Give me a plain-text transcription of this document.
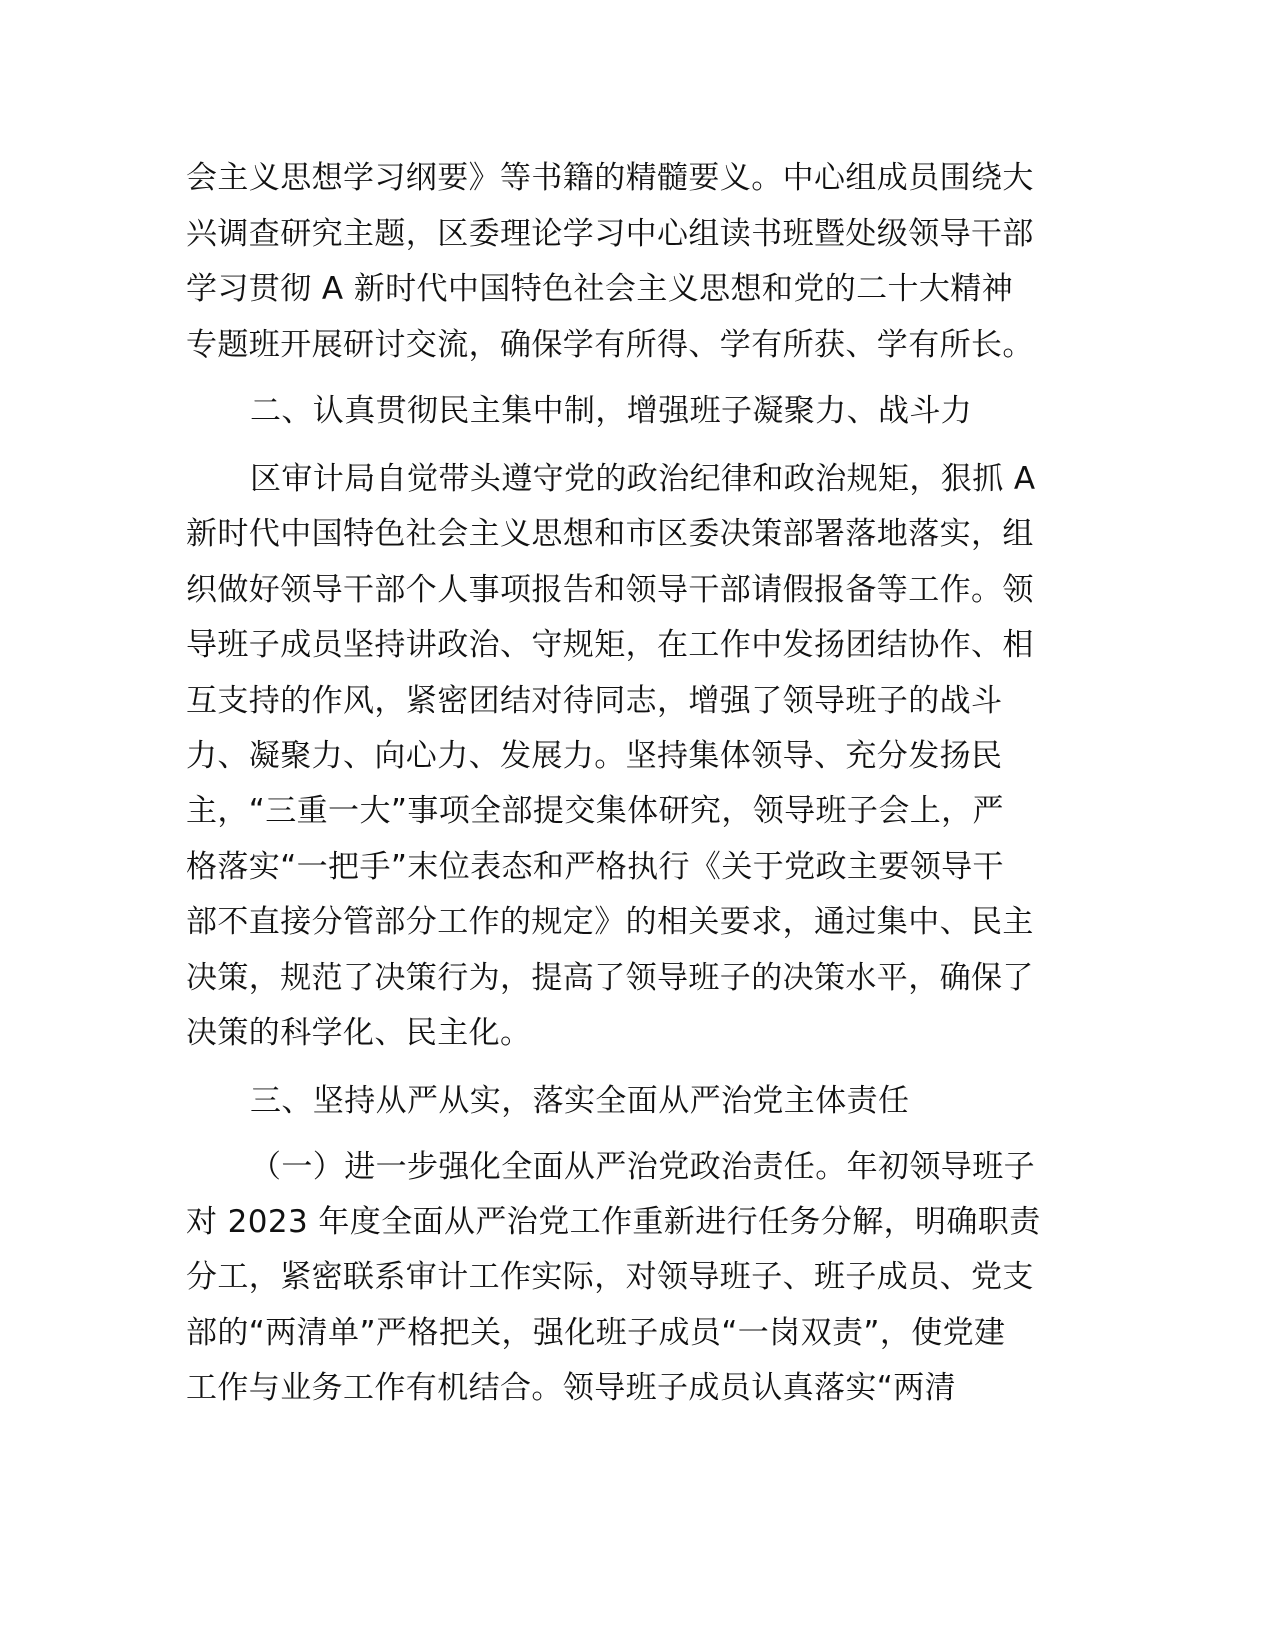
会主义思想学习纲要》等书籍的精髓要义。中心组成员围绕大
兴调查研究主题，区委理论学习中心组读书班暨处级领导干部
学习贯彻 A 新时代中国特色社会主义思想和党的二十大精神
专题班开展研讨交流，确保学有所得、学有所获、学有所长。
二、认真贯彻民主集中制，增强班子凝聚力、战斗力
区审计局自觉带头遵守党的政治纪律和政治规矩，狠抓 A
新时代中国特色社会主义思想和市区委决策部署落地落实，组
织做好领导干部个人事项报告和领导干部请假报备等工作。领
导班子成员坚持讲政治、守规矩，在工作中发扬团结协作、相
互支持的作风，紧密团结对待同志，增强了领导班子的战斗
力、凝聚力、向心力、发展力。坚持集体领导、充分发扬民
主，“三重一大”事项全部提交集体研究，领导班子会上，严
格落实“一把手”末位表态和严格执行《关于党政主要领导干
部不直接分管部分工作的规定》的相关要求，通过集中、民主
决策，规范了决策行为，提高了领导班子的决策水平，确保了
决策的科学化、民主化。
三、坚持从严从实，落实全面从严治党主体责任
（一）进一步强化全面从严治党政治责任。年初领导班子
对 2023 年度全面从严治党工作重新进行任务分解，明确职责
分工，紧密联系审计工作实际，对领导班子、班子成员、党支
部的“两清单”严格把关，强化班子成员“一岗双责”，使党建
工作与业务工作有机结合。领导班子成员认真落实“两清
